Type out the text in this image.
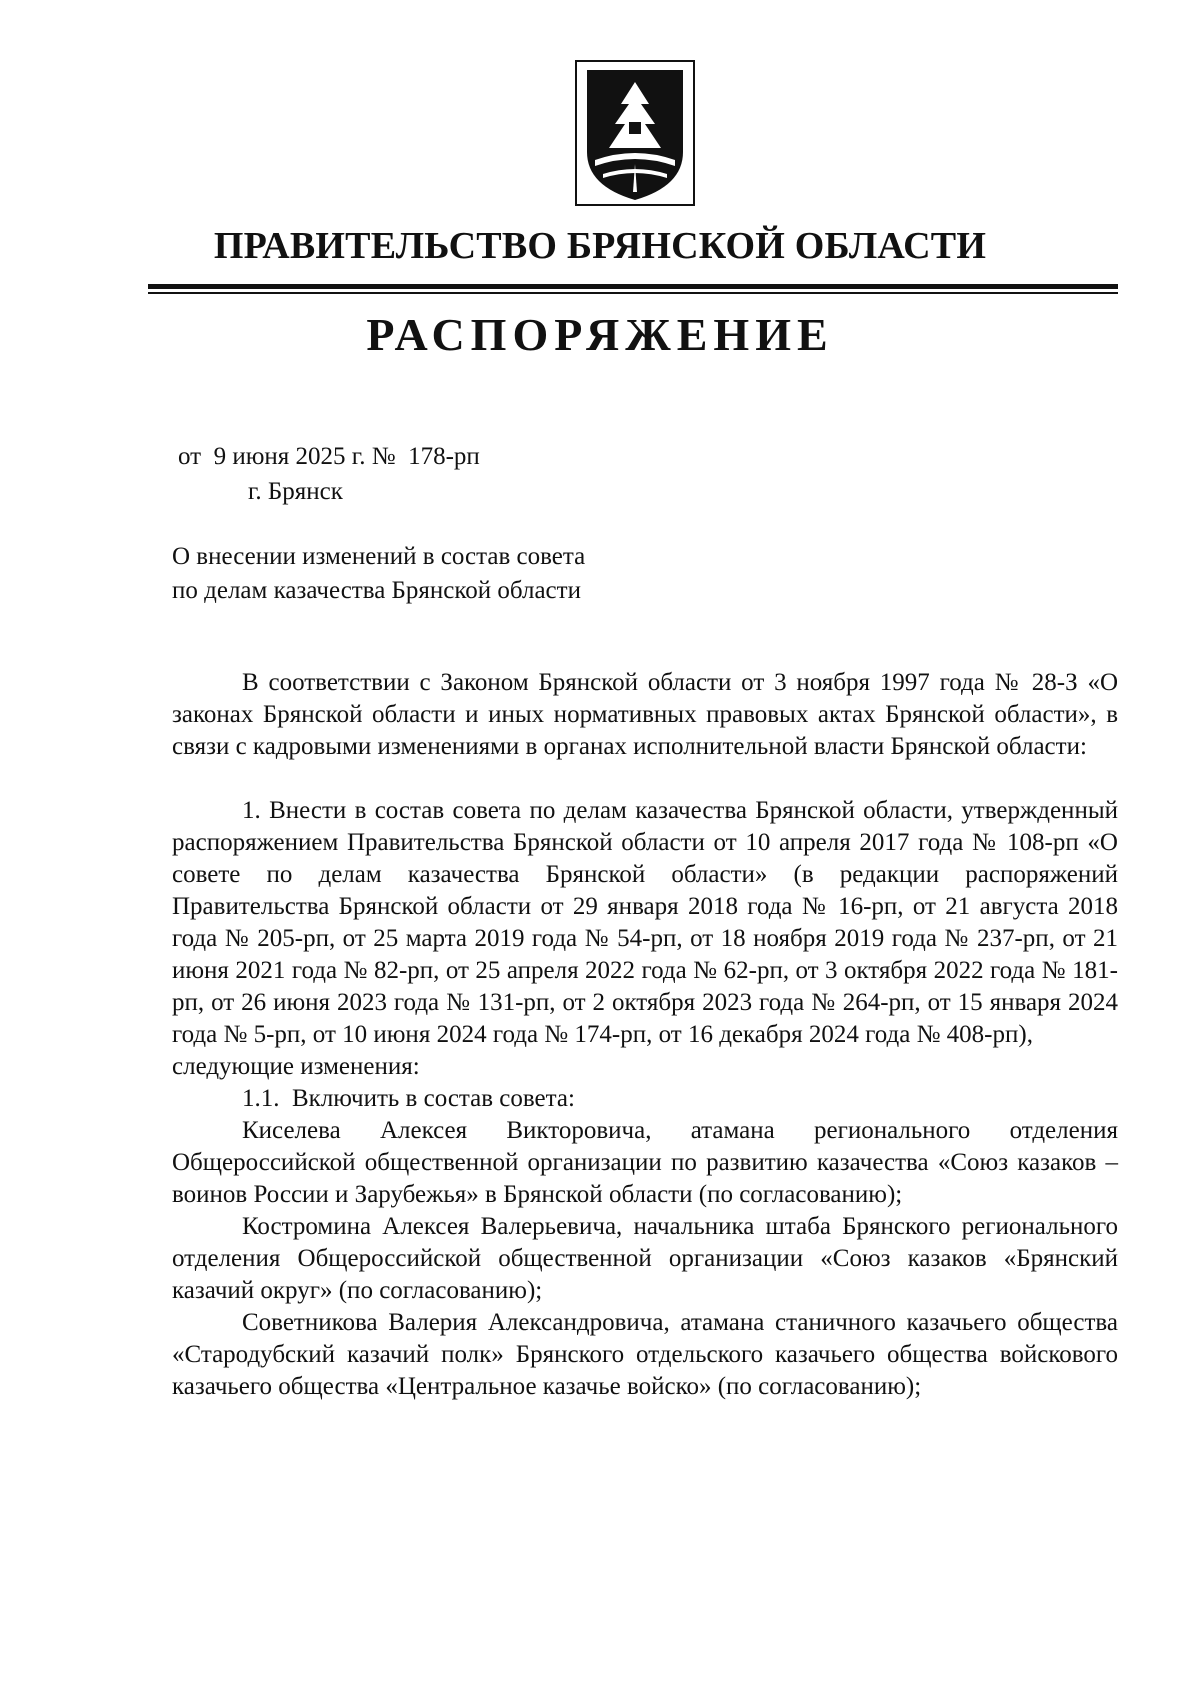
ПРАВИТЕЛЬСТВО БРЯНСКОЙ ОБЛАСТИ
РАСПОРЯЖЕНИЕ
от  9 июня 2025 г. №  178-рп
г. Брянск
О внесении изменений в состав совета
по делам казачества Брянской области

В соответствии с Законом Брянской области от 3 ноября 1997 года № 28-З «О законах Брянской области и иных нормативных правовых актах Брянской области», в связи с кадровыми изменениями в органах исполнительной власти Брянской области:

1. Внести в состав совета по делам казачества Брянской области, утвержденный распоряжением Правительства Брянской области от 10 апреля 2017 года № 108-рп «О совете по делам казачества Брянской области» (в редакции распоряжений Правительства Брянской области от 29 января 2018 года № 16-рп, от 21 августа 2018 года № 205-рп, от 25 марта 2019 года № 54-рп, от 18 ноября 2019 года № 237-рп, от 21 июня 2021 года № 82-рп, от 25 апреля 2022 года № 62-рп, от 3 октября 2022 года № 181-рп, от 26 июня 2023 года № 131-рп, от 2 октября 2023 года № 264-рп, от 15 января 2024 года № 5-рп, от 10 июня 2024 года № 174-рп, от 16 декабря 2024 года № 408-рп),

следующие изменения:

1.1.  Включить в состав совета:

Киселева Алексея Викторовича, атамана регионального отделения Общероссийской общественной организации по развитию казачества «Союз казаков – воинов России и Зарубежья» в Брянской области (по согласованию);

Костромина Алексея Валерьевича, начальника штаба Брянского регионального отделения Общероссийской общественной организации «Союз казаков «Брянский казачий округ» (по согласованию);

Советникова Валерия Александровича, атамана станичного казачьего общества «Стародубский казачий полк» Брянского отдельского казачьего общества войскового казачьего общества «Центральное казачье войско» (по согласованию);
